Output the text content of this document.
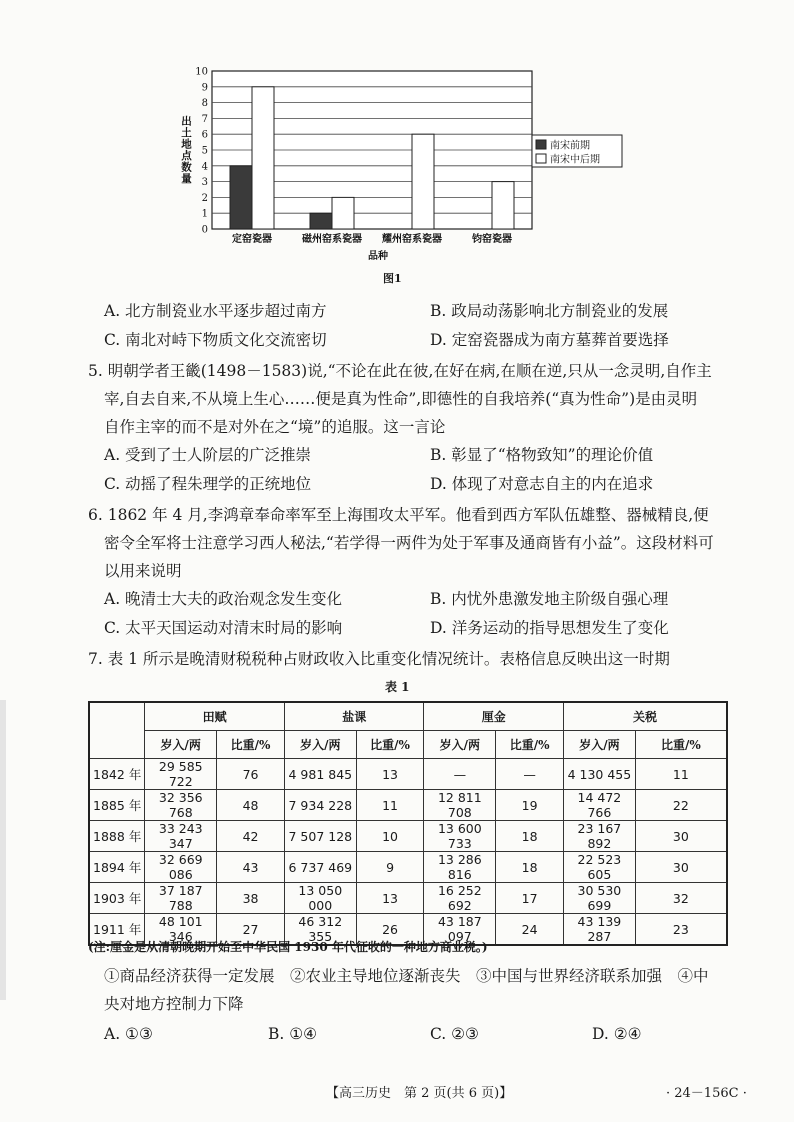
0
1
2
3
4
5
6
7
8
9
10
出土地点数量
定窑瓷器	磁州窑系瓷器 耀州窑系瓷器	钧窑瓷器
品种
南宋前期
南宋中后期
图1
A. 北方制瓷业水平逐步超过南方	B. 政局动荡影响北方制瓷业的发展
C. 南北对峙下物质文化交流密切	D. 定窑瓷器成为南方墓葬首要选择
5. 明朝学者王畿(1498－1583)说,“不论在此在彼,在好在病,在顺在逆,只从一念灵明,自作主
宰,自去自来,不从境上生心……便是真为性命”,即德性的自我培养(“真为性命”)是由灵明
自作主宰的而不是对外在之“境”的追服。这一言论
A. 受到了士人阶层的广泛推崇	B. 彰显了“格物致知”的理论价值
C. 动摇了程朱理学的正统地位	D. 体现了对意志自主的内在追求
6. 1862 年 4 月,李鸿章奉命率军至上海围攻太平军。他看到西方军队伍雄整、器械精良,便
密令全军将士注意学习西人秘法,“若学得一两件为处于军事及通商皆有小益”。这段材料可
以用来说明
A. 晚清士大夫的政治观念发生变化	B. 内忧外患激发地主阶级自强心理
C. 太平天国运动对清末时局的影响	D. 洋务运动的指导思想发生了变化
7. 表 1 所示是晚清财税税种占财政收入比重变化情况统计。表格信息反映出这一时期
表 1
	田赋		盐课		厘金		关税	
	岁入/两	比重/%	岁入/两	比重/%	岁入/两	比重/%	岁入/两	比重/%
1842 年	29 585 722	76	4 981 845	13	—	—	4 130 455	11
1885 年	32 356 768	48	7 934 228	11	12 811 708	19	14 472 766	22
1888 年	33 243 347	42	7 507 128	10	13 600 733	18	23 167 892	30
1894 年	32 669 086	43	6 737 469	9	13 286 816	18	22 523 605	30
1903 年	37 187 788	38	13 050 000	13	16 252 692	17	30 530 699	32
1911 年	48 101 346	27	46 312 355	26	43 187 097	24	43 139 287	23
(注:厘金是从清朝晚期开始至中华民国 1930 年代征收的一种地方商业税。)
①商品经济获得一定发展　②农业主导地位逐渐丧失　③中国与世界经济联系加强　④中
央对地方控制力下降
A. ①③	B. ①④	C. ②③	D. ②④
【高三历史　第 2 页(共 6 页)】	· 24－156C ·
